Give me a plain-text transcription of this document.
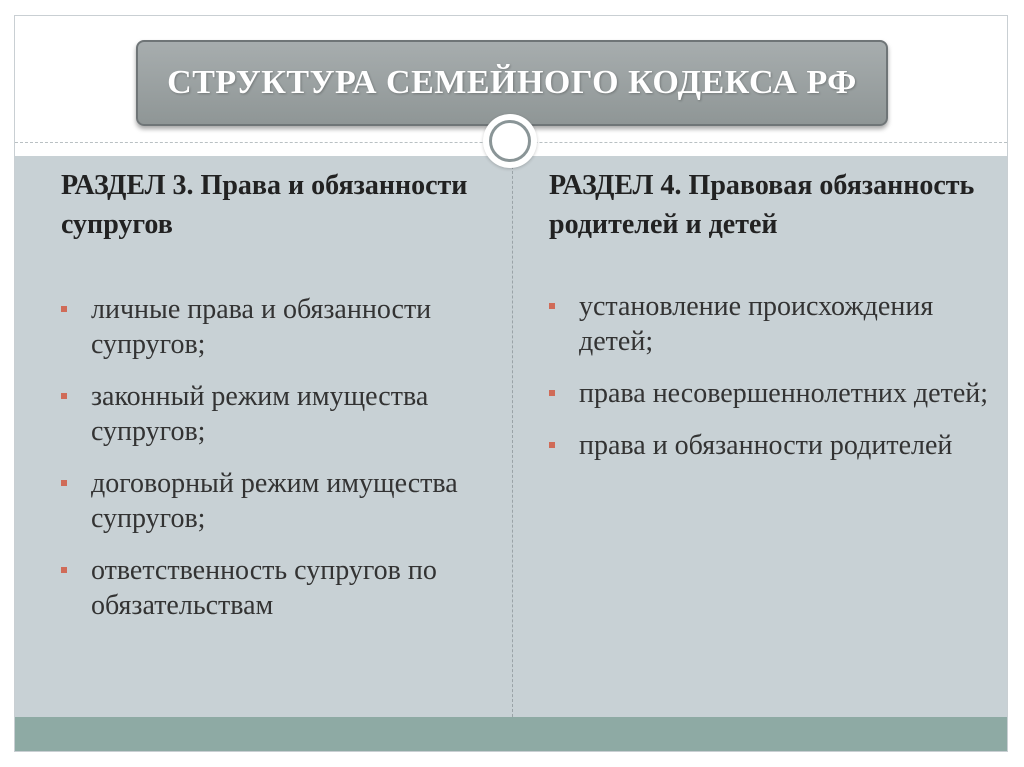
СТРУКТУРА СЕМЕЙНОГО КОДЕКСА РФ

РАЗДЕЛ 3. Права и обязанности супругов

личные права и обязанности супругов;
законный режим имущества супругов;
договорный режим имущества супругов;
ответственность супругов по обязательствам

РАЗДЕЛ 4. Правовая обязанность родителей и детей

установление происхождения детей;
права несовершеннолетних детей;
права и обязанности родителей
